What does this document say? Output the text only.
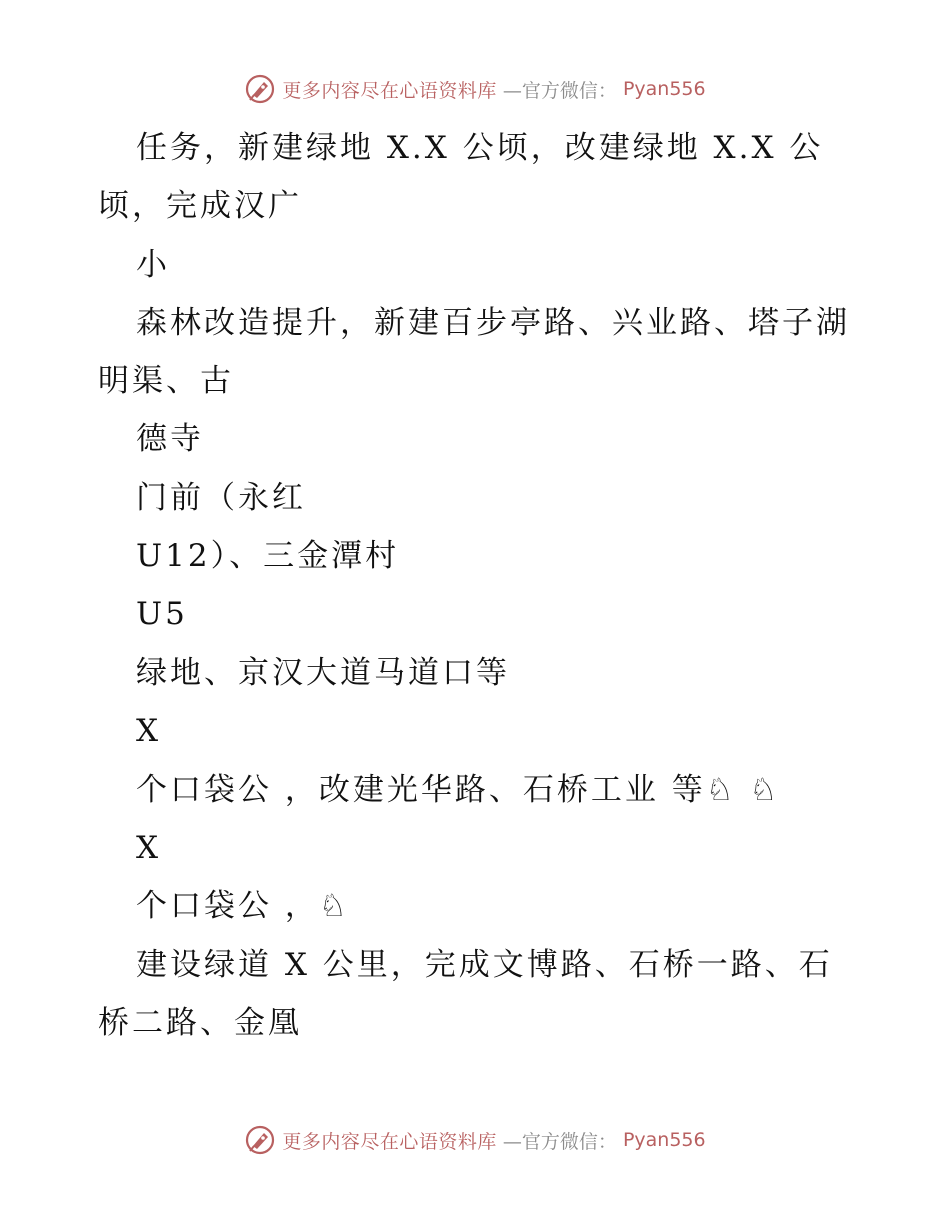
更多内容尽在心语资料库 —官方微信： Pyan556
任务，新建绿地 X.X 公顷，改建绿地 X.X 公
顷，完成汉广
小
森林改造提升，新建百步亭路、兴业路、塔子湖
明渠、古
德寺
门前（永红
U12）、三金潭村
U5
绿地、京汉大道马道口等
X
个口袋公 ，改建光华路、石桥工业 等♘ ♘
X
个口袋公 ，♘
建设绿道 X 公里，完成文博路、石桥一路、石
桥二路、金凰
更多内容尽在心语资料库 —官方微信： Pyan556
